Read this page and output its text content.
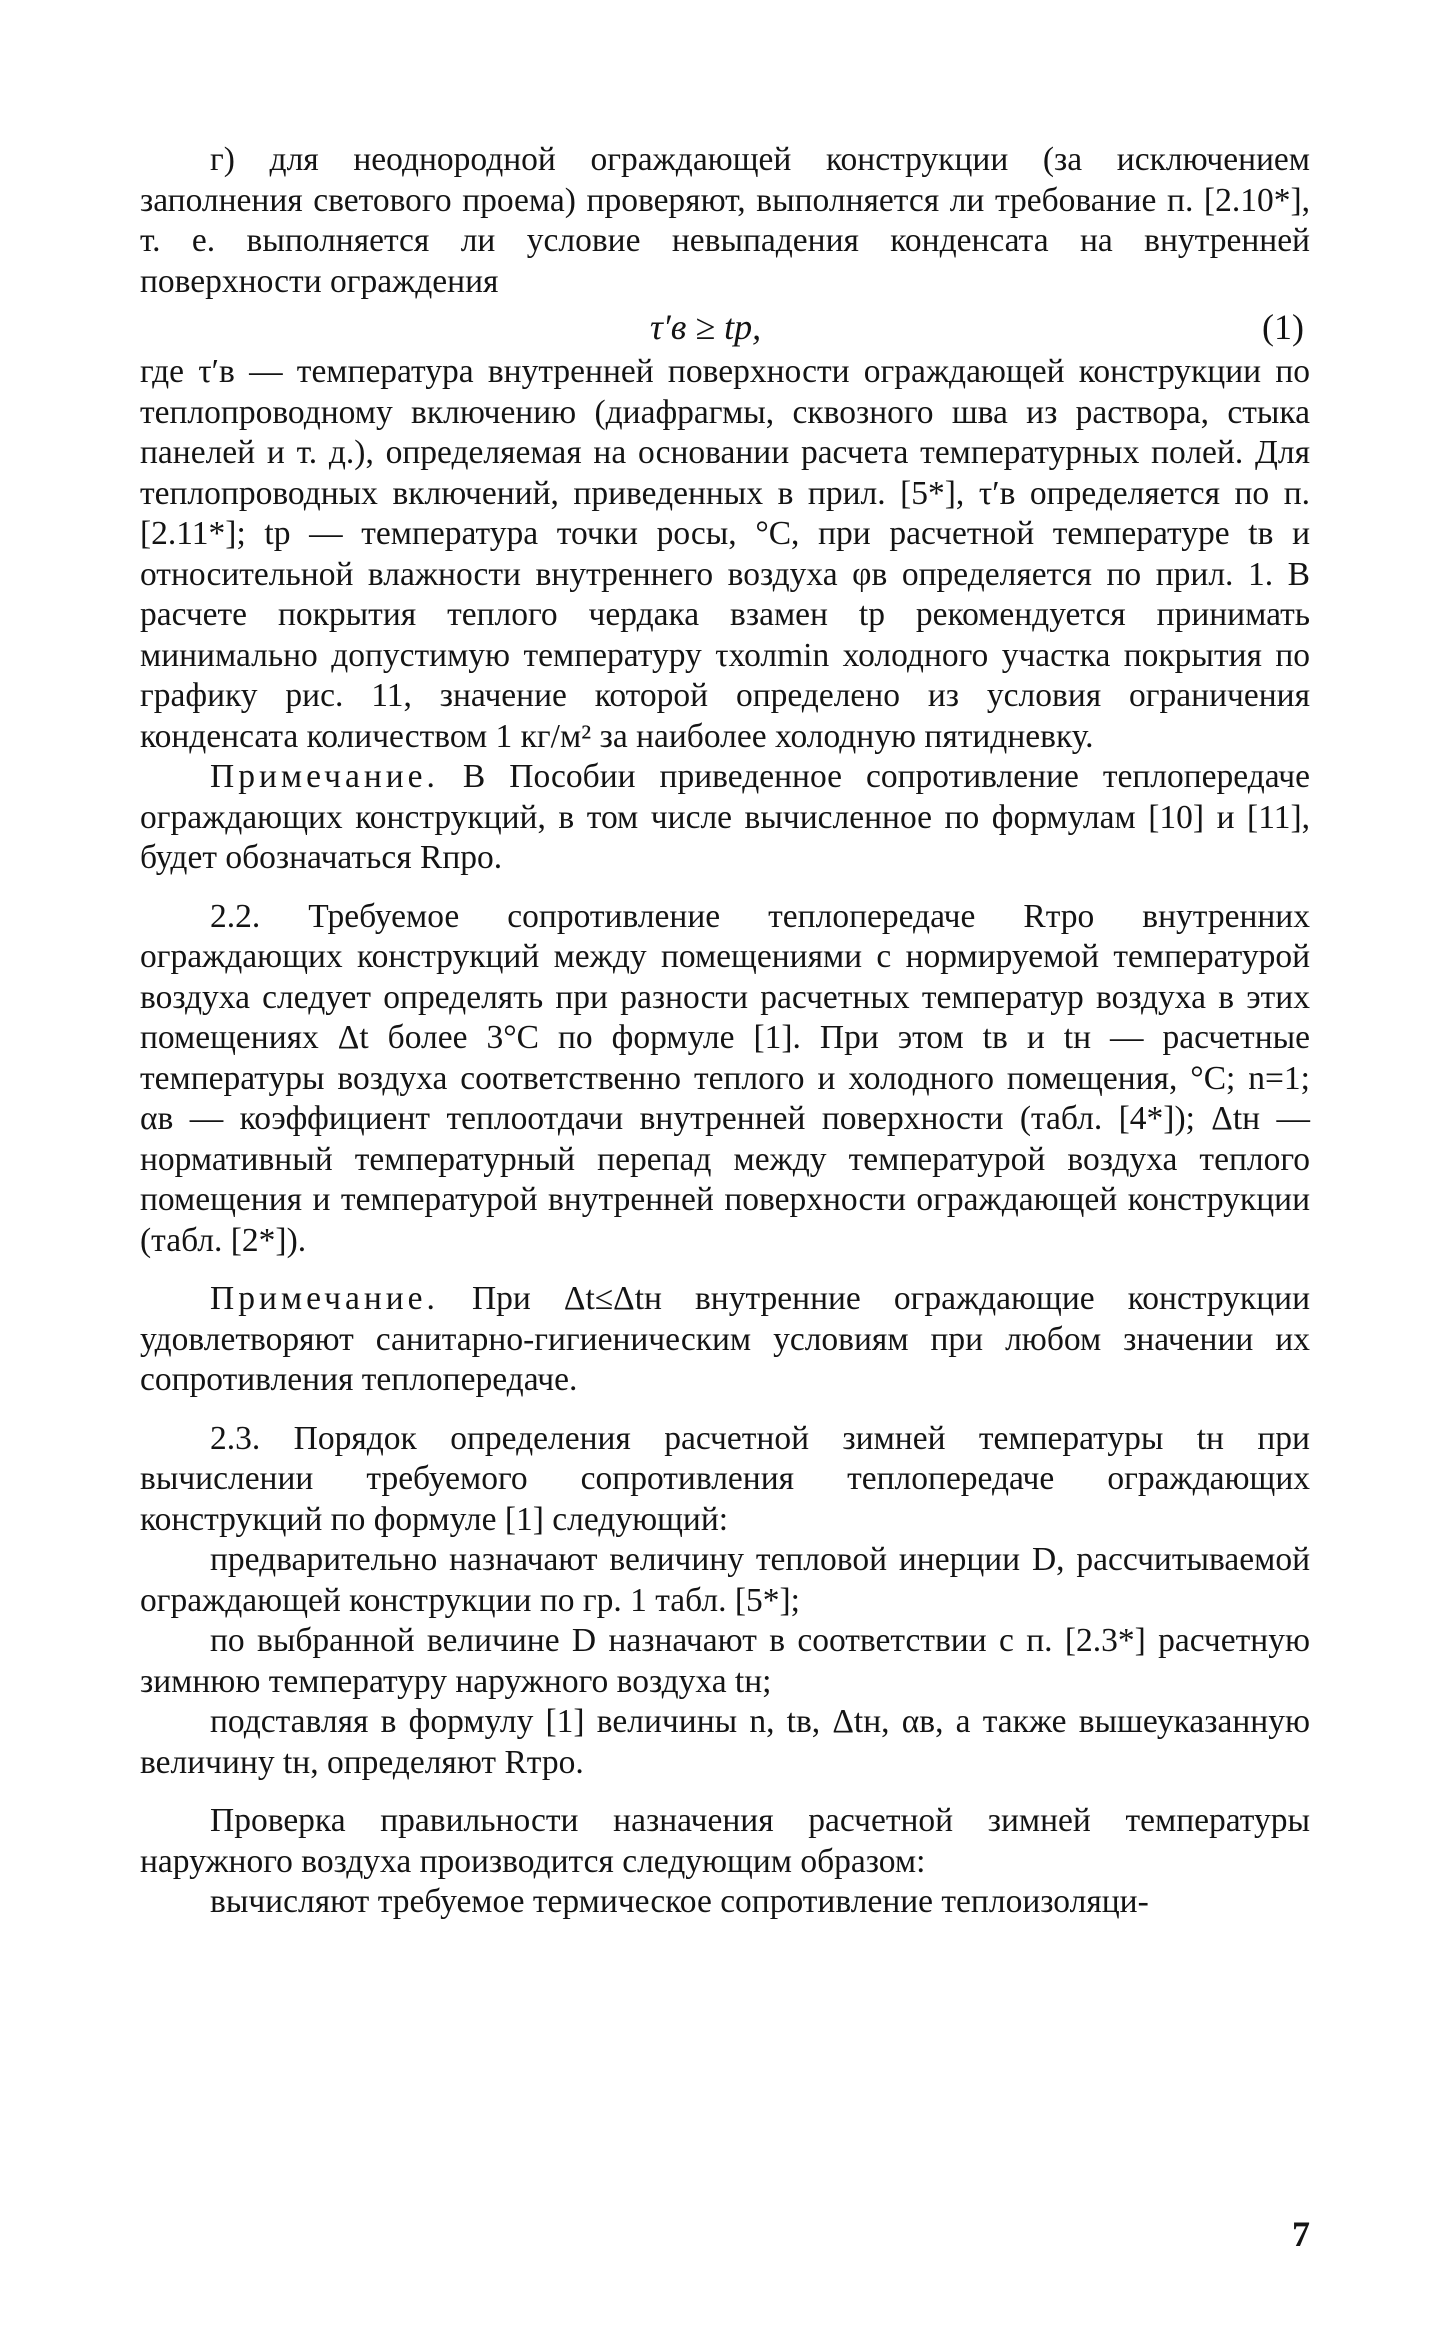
г) для неоднородной ограждающей конструкции (за исключением заполнения светового проема) проверяют, выполняется ли требование п. [2.10*], т. е. выполняется ли условие невыпадения конденсата на внутренней поверхности ограждения

τ′в ≥ tр,	(1)

где τ′в — температура внутренней поверхности ограждающей конструкции по теплопроводному включению (диафрагмы, сквозного шва из раствора, стыка панелей и т. д.), определяемая на основании расчета температурных полей. Для теплопроводных включений, приведенных в прил. [5*], τ′в определяется по п. [2.11*]; tр — температура точки росы, °C, при расчетной температуре tв и относительной влажности внутреннего воздуха φв определяется по прил. 1. В расчете покрытия теплого чердака взамен tр рекомендуется принимать минимально допустимую температуру τхолmin холодного участка покрытия по графику рис. 11, значение которой определено из условия ограничения конденсата количеством 1 кг/м² за наиболее холодную пятидневку.

Примечание. В Пособии приведенное сопротивление теплопередаче ограждающих конструкций, в том числе вычисленное по формулам [10] и [11], будет обозначаться Rпрo.

2.2. Требуемое сопротивление теплопередаче Rтрo внутренних ограждающих конструкций между помещениями с нормируемой температурой воздуха следует определять при разности расчетных температур воздуха в этих помещениях Δt более 3°C по формуле [1]. При этом tв и tн — расчетные температуры воздуха соответственно теплого и холодного помещения, °C; n=1; αв — коэффициент теплоотдачи внутренней поверхности (табл. [4*]); Δtн — нормативный температурный перепад между температурой воздуха теплого помещения и температурой внутренней поверхности ограждающей конструкции (табл. [2*]).

Примечание. При Δt≤Δtн внутренние ограждающие конструкции удовлетворяют санитарно-гигиеническим условиям при любом значении их сопротивления теплопередаче.

2.3. Порядок определения расчетной зимней температуры tн при вычислении требуемого сопротивления теплопередаче ограждающих конструкций по формуле [1] следующий:

предварительно назначают величину тепловой инерции D, рассчитываемой ограждающей конструкции по гр. 1 табл. [5*];

по выбранной величине D назначают в соответствии с п. [2.3*] расчетную зимнюю температуру наружного воздуха tн;

подставляя в формулу [1] величины n, tв, Δtн, αв, а также вышеуказанную величину tн, определяют Rтрo.

Проверка правильности назначения расчетной зимней температуры наружного воздуха производится следующим образом:

вычисляют требуемое термическое сопротивление теплоизоляци-

7
